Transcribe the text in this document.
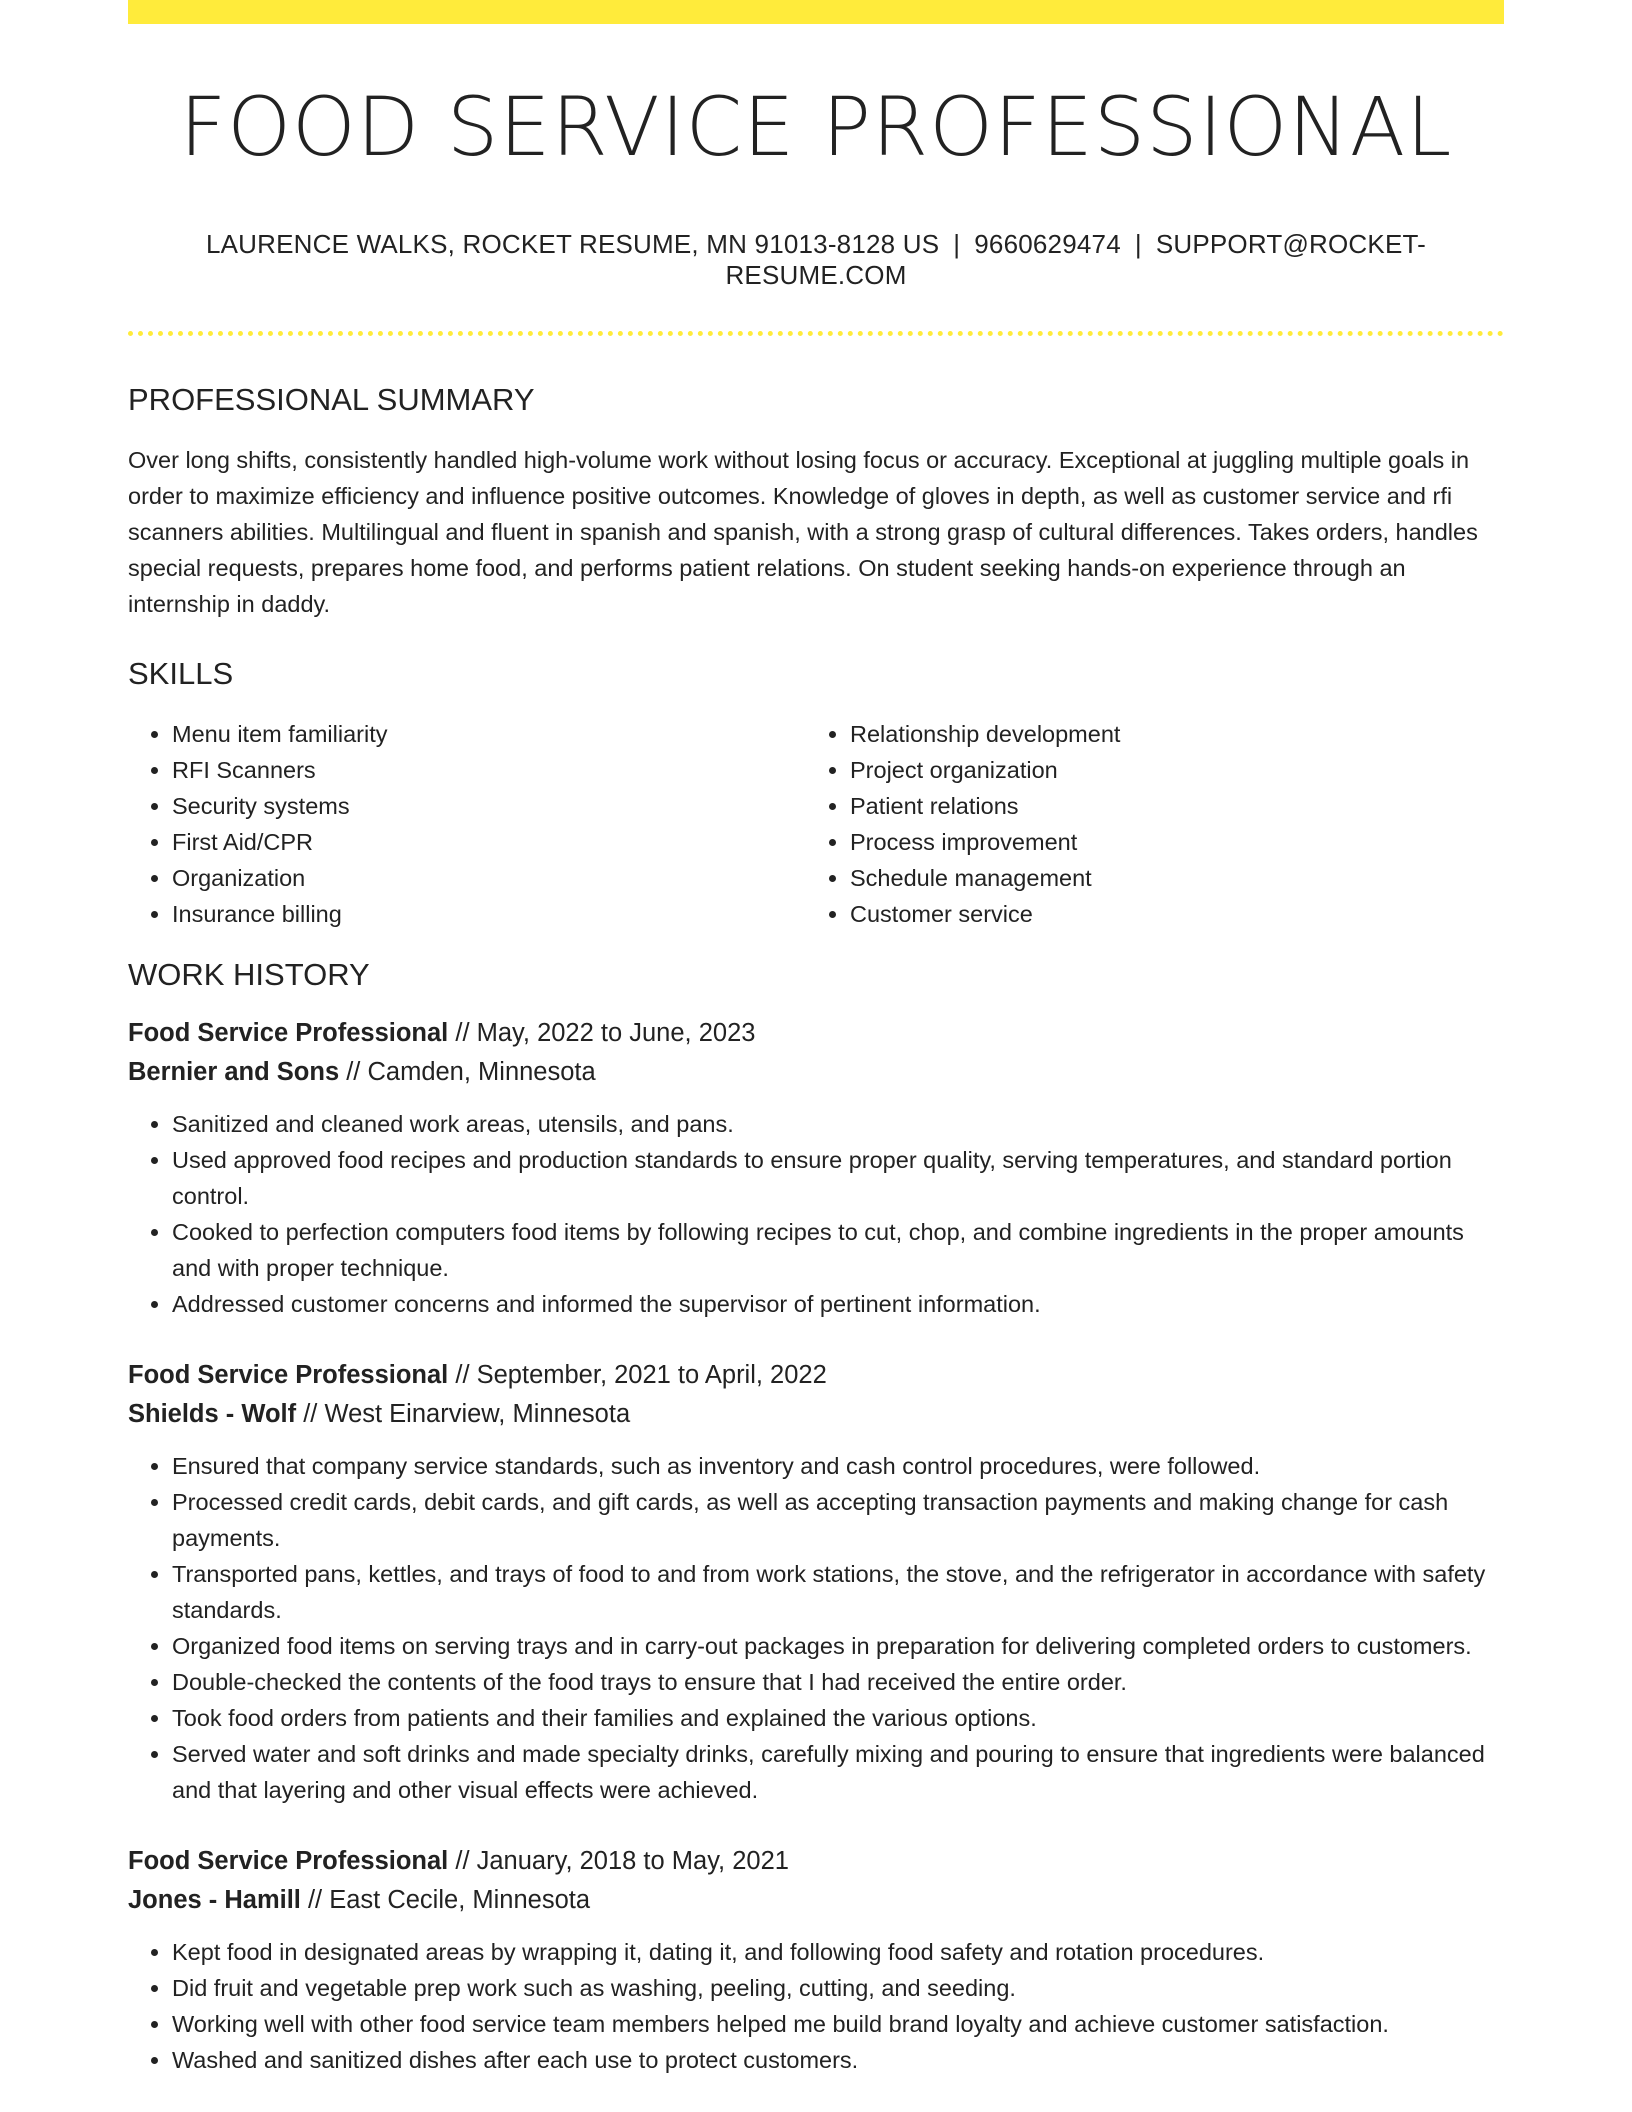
FOOD SERVICE PROFESSIONAL
LAURENCE WALKS, ROCKET RESUME, MN 91013-8128 US | 9660629474 | SUPPORT@ROCKET-RESUME.COM
PROFESSIONAL SUMMARY
Over long shifts, consistently handled high-volume work without losing focus or accuracy. Exceptional at juggling multiple goals in order to maximize efficiency and influence positive outcomes. Knowledge of gloves in depth, as well as customer service and rfi scanners abilities. Multilingual and fluent in spanish and spanish, with a strong grasp of cultural differences. Takes orders, handles special requests, prepares home food, and performs patient relations. On student seeking hands-on experience through an internship in daddy.
SKILLS
• Menu item familiarity
• RFI Scanners
• Security systems
• First Aid/CPR
• Organization
• Insurance billing
• Relationship development
• Project organization
• Patient relations
• Process improvement
• Schedule management
• Customer service
WORK HISTORY
Food Service Professional // May, 2022 to June, 2023
Bernier and Sons // Camden, Minnesota
• Sanitized and cleaned work areas, utensils, and pans.
• Used approved food recipes and production standards to ensure proper quality, serving temperatures, and standard portion control.
• Cooked to perfection computers food items by following recipes to cut, chop, and combine ingredients in the proper amounts and with proper technique.
• Addressed customer concerns and informed the supervisor of pertinent information.
Food Service Professional // September, 2021 to April, 2022
Shields - Wolf // West Einarview, Minnesota
• Ensured that company service standards, such as inventory and cash control procedures, were followed.
• Processed credit cards, debit cards, and gift cards, as well as accepting transaction payments and making change for cash payments.
• Transported pans, kettles, and trays of food to and from work stations, the stove, and the refrigerator in accordance with safety standards.
• Organized food items on serving trays and in carry-out packages in preparation for delivering completed orders to customers.
• Double-checked the contents of the food trays to ensure that I had received the entire order.
• Took food orders from patients and their families and explained the various options.
• Served water and soft drinks and made specialty drinks, carefully mixing and pouring to ensure that ingredients were balanced and that layering and other visual effects were achieved.
Food Service Professional // January, 2018 to May, 2021
Jones - Hamill // East Cecile, Minnesota
• Kept food in designated areas by wrapping it, dating it, and following food safety and rotation procedures.
• Did fruit and vegetable prep work such as washing, peeling, cutting, and seeding.
• Working well with other food service team members helped me build brand loyalty and achieve customer satisfaction.
• Washed and sanitized dishes after each use to protect customers.
